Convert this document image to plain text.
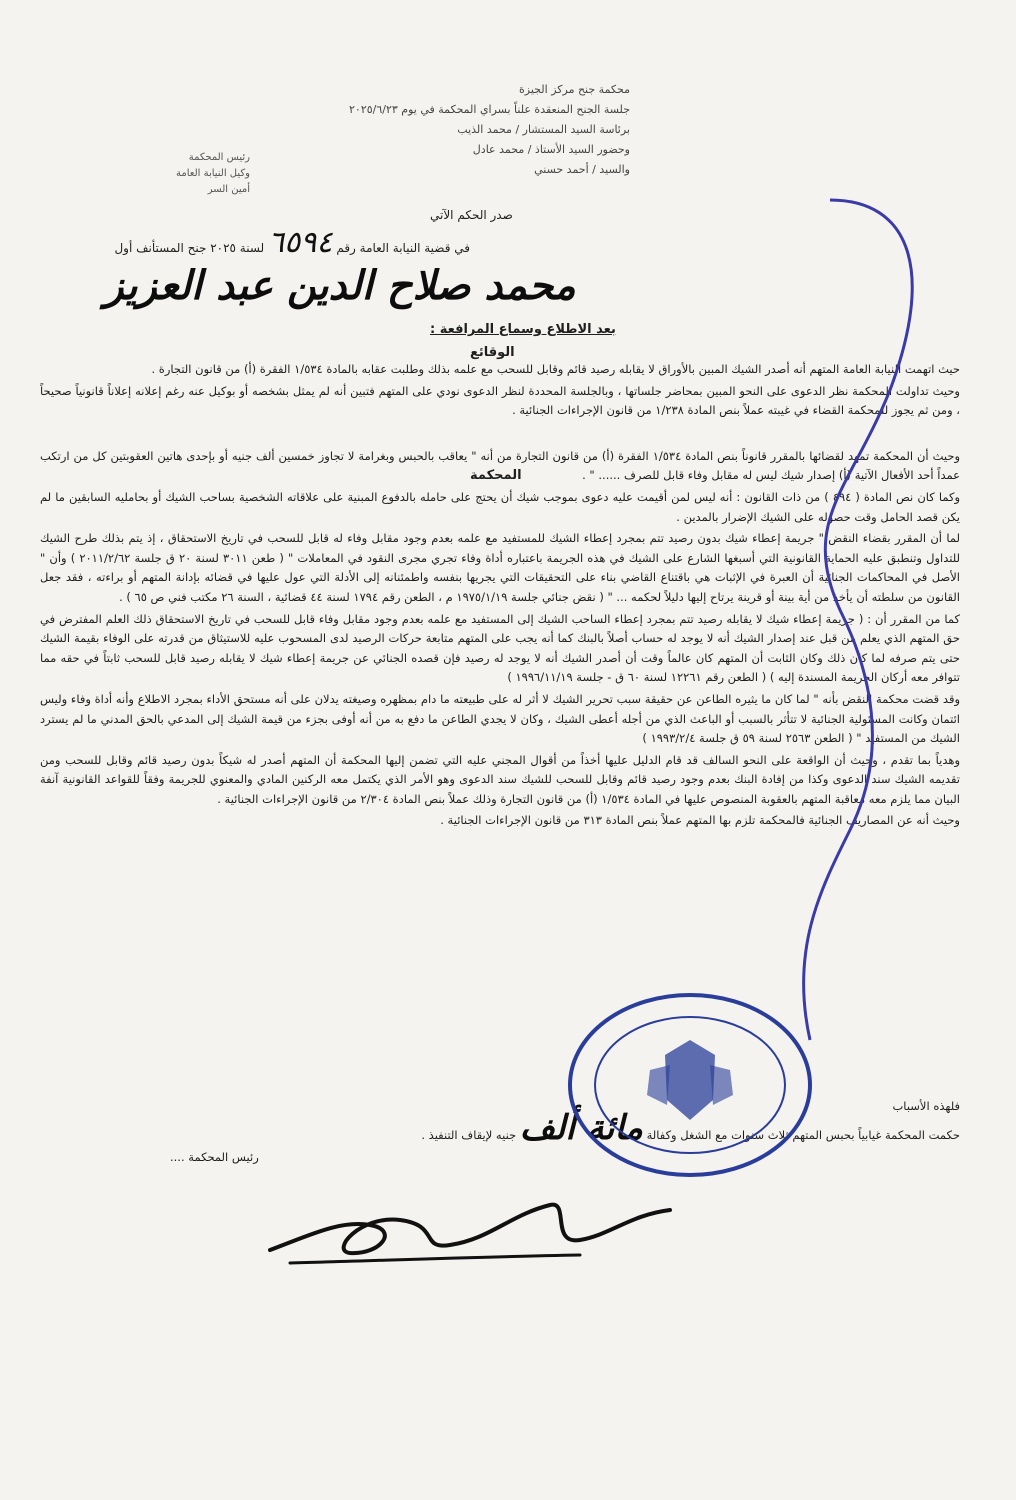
محكمة جنح مركز الجيزة
جلسة الجنح المنعقدة علناً بسراي المحكمة في يوم ٢٠٢٥/٦/٢٣
برئاسة السيد المستشار / محمد الذيب
وحضور السيد الأستاذ / محمد عادل
والسيد / أحمد حسني
رئيس المحكمة
وكيل النيابة العامة
أمين السر
صدر الحكم الآتي
في قضية النيابة العامة رقم ٦٥٩٤ لسنة ٢٠٢٥ جنح المستأنف أول
محمد صلاح الدين عبد العزيز
بعد الاطلاع وسماع المرافعة :
الوقائع
المحكمة

حيث اتهمت النيابة العامة المتهم أنه أصدر الشيك المبين بالأوراق لا يقابله رصيد قائم وقابل للسحب مع علمه بذلك وطلبت عقابه بالمادة ١/٥٣٤ الفقرة (أ) من قانون التجارة .

وحيث تداولت المحكمة نظر الدعوى على النحو المبين بمحاضر جلساتها ، وبالجلسة المحددة لنظر الدعوى نودي على المتهم فتبين أنه لم يمثل بشخصه أو بوكيل عنه رغم إعلانه إعلاناً قانونياً صحيحاً ، ومن ثم يجوز للمحكمة القضاء في غيبته عملاً بنص المادة ١/٢٣٨ من قانون الإجراءات الجنائية .

وحيث أن المحكمة تمهد لقضائها بالمقرر قانوناً بنص المادة ١/٥٣٤ الفقرة (أ) من قانون التجارة من أنه " يعاقب بالحبس وبغرامة لا تجاوز خمسين ألف جنيه أو بإحدى هاتين العقوبتين كل من ارتكب عمداً أحد الأفعال الآتية (أ) إصدار شيك ليس له مقابل وفاء قابل للصرف ...... " .

وكما كان نص المادة ( ٤٩٤ ) من ذات القانون : أنه ليس لمن أقيمت عليه دعوى بموجب شيك أن يحتج على حامله بالدفوع المبنية على علاقاته الشخصية بساحب الشيك أو بحامليه السابقين ما لم يكن قصد الحامل وقت حصوله على الشيك الإضرار بالمدين .

لما أن المقرر بقضاء النقض " جريمة إعطاء شيك بدون رصيد تتم بمجرد إعطاء الشيك للمستفيد مع علمه بعدم وجود مقابل وفاء له قابل للسحب في تاريخ الاستحقاق ، إذ يتم بذلك طرح الشيك للتداول وتنطبق عليه الحماية القانونية التي أسبغها الشارع على الشيك في هذه الجريمة باعتباره أداة وفاء تجري مجرى النقود في المعاملات " ( طعن ٣٠١١ لسنة ٢٠ ق جلسة ٢٠١١/٢/٦٢ ) وأن " الأصل في المحاكمات الجنائية أن العبرة في الإثبات هي باقتناع القاضي بناء على التحقيقات التي يجريها بنفسه واطمئنانه إلى الأدلة التي عول عليها في قضائه بإدانة المتهم أو براءته ، فقد جعل القانون من سلطته أن يأخذ من أية بينة أو قرينة يرتاح إليها دليلاً لحكمه ... " ( نقض جنائي جلسة ١٩٧٥/١/١٩ م ، الطعن رقم ١٧٩٤ لسنة ٤٤ قضائية ، السنة ٢٦ مكتب فني ص ٦٥ ) .

كما من المقرر أن : ( جريمة إعطاء شيك لا يقابله رصيد تتم بمجرد إعطاء الساحب الشيك إلى المستفيد مع علمه بعدم وجود مقابل وفاء قابل للسحب في تاريخ الاستحقاق ذلك العلم المفترض في حق المتهم الذي يعلم من قبل عند إصدار الشيك أنه لا يوجد له حساب أصلاً بالبنك كما أنه يجب على المتهم متابعة حركات الرصيد لدى المسحوب عليه للاستيثاق من قدرته على الوفاء بقيمة الشيك حتى يتم صرفه لما كان ذلك وكان الثابت أن المتهم كان عالماً وقت أن أصدر الشيك أنه لا يوجد له رصيد فإن قصده الجنائي عن جريمة إعطاء شيك لا يقابله رصيد قابل للسحب ثابتاً في حقه مما تتوافر معه أركان الجريمة المسندة إليه ) ( الطعن رقم ١٢٢٦١ لسنة ٦٠ ق - جلسة ١٩٩٦/١١/١٩ )

وقد قضت محكمة النقض بأنه " لما كان ما يثيره الطاعن عن حقيقة سبب تحرير الشيك لا أثر له على طبيعته ما دام بمظهره وصيغته يدلان على أنه مستحق الأداء بمجرد الاطلاع وأنه أداة وفاء وليس ائتمان وكانت المسئولية الجنائية لا تتأثر بالسبب أو الباعث الذي من أجله أعطى الشيك ، وكان لا يجدي الطاعن ما دفع به من أنه أوفى بجزء من قيمة الشيك إلى المدعي بالحق المدني ما لم يسترد الشيك من المستفيد " ( الطعن ٢٥٦٣ لسنة ٥٩ ق جلسة ١٩٩٣/٢/٤ )

وهدياً بما تقدم ، وحيث أن الواقعة على النحو السالف قد قام الدليل عليها أخذاً من أقوال المجني عليه التي تضمن إليها المحكمة أن المتهم أصدر له شيكاً بدون رصيد قائم وقابل للسحب ومن تقديمه الشيك سند الدعوى وكذا من إفادة البنك بعدم وجود رصيد قائم وقابل للسحب للشيك سند الدعوى وهو الأمر الذي يكتمل معه الركنين المادي والمعنوي للجريمة وفقاً للقواعد القانونية آنفة البيان مما يلزم معه معاقبة المتهم بالعقوبة المنصوص عليها في المادة ١/٥٣٤ (أ) من قانون التجارة وذلك عملاً بنص المادة ٢/٣٠٤ من قانون الإجراءات الجنائية .

وحيث أنه عن المصاريف الجنائية فالمحكمة تلزم بها المتهم عملاً بنص المادة ٣١٣ من قانون الإجراءات الجنائية .

فلهذه الأسباب
حكمت المحكمة غيابياً بحبس المتهم ثلاث سنوات مع الشغل وكفالة مائة ألف جنيه لإيقاف التنفيذ .
رئيس المحكمة ....
